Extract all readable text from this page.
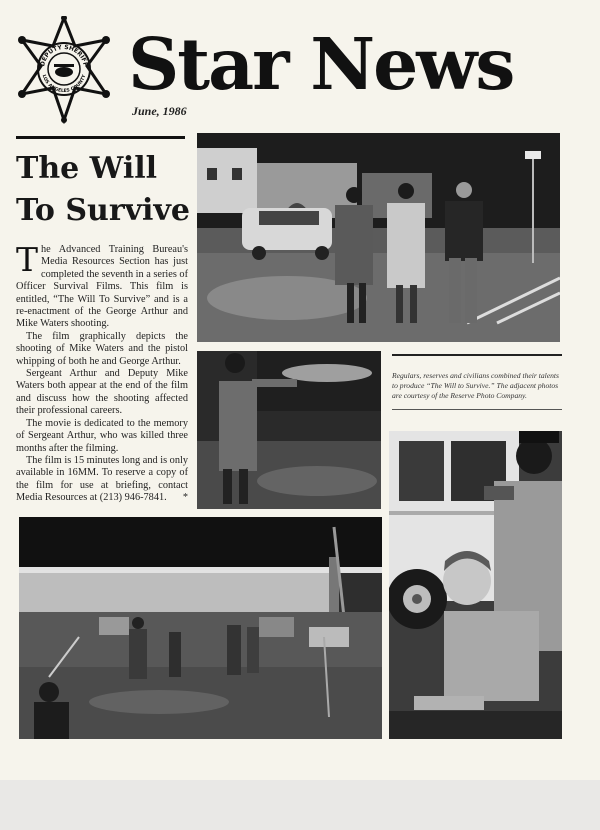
DEPUTY SHERIFF
LOS ANGELES COUNTY Star News
June, 1986
The Will
To Survive

The Advanced Training Bureau's Media Resources Section has just completed the seventh in a series of Officer Survival Films. This film is entitled, “The Will To Survive” and is a re-enactment of the George Arthur and Mike Waters shooting.

The film graphically depicts the shooting of Mike Waters and the pistol whipping of both he and George Arthur.

Sergeant Arthur and Deputy Mike Waters both appear at the end of the film and discuss how the shooting affected their professional careers.

The movie is dedicated to the memory of Sergeant Arthur, who was killed three months after the filming.

The film is 15 minutes long and is only available in 16MM. To reserve a copy of the film for use at briefing, contact Media Resources at (213) 946-7841.	*

Regulars, reserves and civilians combined their talents to produce “The Will to Survive.” The adjacent photos are courtesy of the Reserve Photo Company.
